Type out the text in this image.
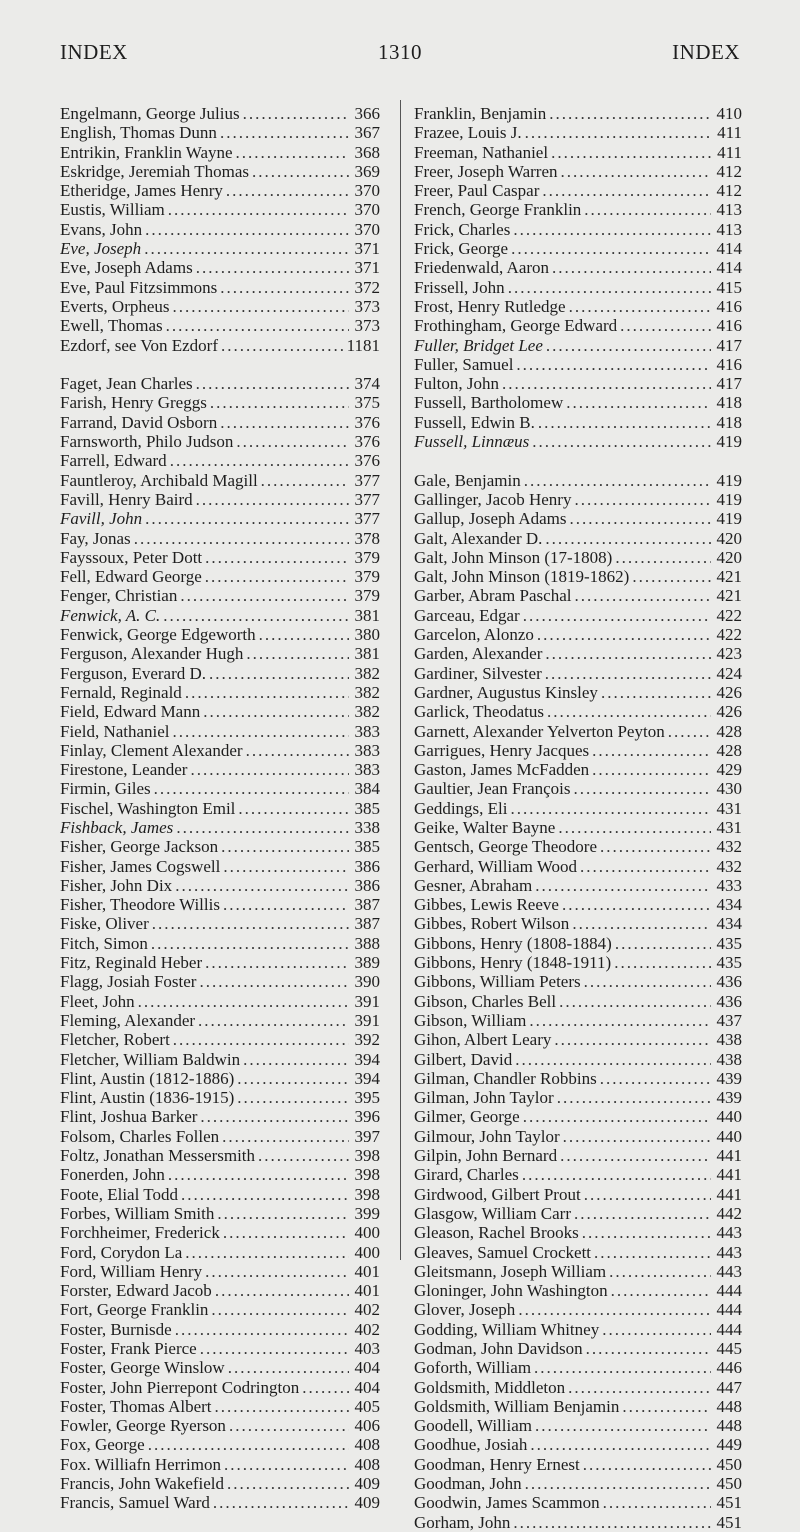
INDEX	1310	INDEX
Engelmann, George Julius .....	366
English, Thomas Dunn .....	367
Entrikin, Franklin Wayne .....	368
Eskridge, Jeremiah Thomas .....	369
Etheridge, James Henry .....	370
Eustis, William .....	370
Evans, John .....	370
Eve, Joseph .....	371
Eve, Joseph Adams .....	371
Eve, Paul Fitzsimmons .....	372
Everts, Orpheus .....	373
Ewell, Thomas .....	373
Ezdorf, see Von Ezdorf .....	1181
Faget, Jean Charles .....	374
Farish, Henry Greggs .....	375
Farrand, David Osborn .....	376
Farnsworth, Philo Judson .....	376
Farrell, Edward .....	376
Fauntleroy, Archibald Magill .....	377
Favill, Henry Baird .....	377
Favill, John .....	377
Fay, Jonas .....	378
Fayssoux, Peter Dott .....	379
Fell, Edward George .....	379
Fenger, Christian .....	379
Fenwick, A. C. .....	381
Fenwick, George Edgeworth .....	380
Ferguson, Alexander Hugh .....	381
Ferguson, Everard D. .....	382
Fernald, Reginald .....	382
Field, Edward Mann .....	382
Field, Nathaniel .....	383
Finlay, Clement Alexander .....	383
Firestone, Leander .....	383
Firmin, Giles .....	384
Fischel, Washington Emil .....	385
Fishback, James .....	338
Fisher, George Jackson .....	385
Fisher, James Cogswell .....	386
Fisher, John Dix .....	386
Fisher, Theodore Willis .....	387
Fiske, Oliver .....	387
Fitch, Simon .....	388
Fitz, Reginald Heber .....	389
Flagg, Josiah Foster .....	390
Fleet, John .....	391
Fleming, Alexander .....	391
Fletcher, Robert .....	392
Fletcher, William Baldwin .....	394
Flint, Austin (1812-1886) .....	394
Flint, Austin (1836-1915) .....	395
Flint, Joshua Barker .....	396
Folsom, Charles Follen .....	397
Foltz, Jonathan Messersmith .....	398
Fonerden, John .....	398
Foote, Elial Todd .....	398
Forbes, William Smith .....	399
Forchheimer, Frederick .....	400
Ford, Corydon La .....	400
Ford, William Henry .....	401
Forster, Edward Jacob .....	401
Fort, George Franklin .....	402
Foster, Burnisde .....	402
Foster, Frank Pierce .....	403
Foster, George Winslow .....	404
Foster, John Pierrepont Codrington .....	404
Foster, Thomas Albert .....	405
Fowler, George Ryerson .....	406
Fox, George .....	408
Fox. Williafn Herrimon .....	408
Francis, John Wakefield .....	409
Francis, Samuel Ward .....	409
Franklin, Benjamin .....	410
Frazee, Louis J. .....	411
Freeman, Nathaniel .....	411
Freer, Joseph Warren .....	412
Freer, Paul Caspar .....	412
French, George Franklin .....	413
Frick, Charles .....	413
Frick, George .....	414
Friedenwald, Aaron .....	414
Frissell, John .....	415
Frost, Henry Rutledge .....	416
Frothingham, George Edward .....	416
Fuller, Bridget Lee .....	417
Fuller, Samuel .....	416
Fulton, John .....	417
Fussell, Bartholomew .....	418
Fussell, Edwin B. .....	418
Fussell, Linnæus .....	419
Gale, Benjamin .....	419
Gallinger, Jacob Henry .....	419
Gallup, Joseph Adams .....	419
Galt, Alexander D. .....	420
Galt, John Minson (17-1808) .....	420
Galt, John Minson (1819-1862) .....	421
Garber, Abram Paschal .....	421
Garceau, Edgar .....	422
Garcelon, Alonzo .....	422
Garden, Alexander .....	423
Gardiner, Silvester .....	424
Gardner, Augustus Kinsley .....	426
Garlick, Theodatus .....	426
Garnett, Alexander Yelverton Peyton .....	428
Garrigues, Henry Jacques .....	428
Gaston, James McFadden .....	429
Gaultier, Jean François .....	430
Geddings, Eli .....	431
Geike, Walter Bayne .....	431
Gentsch, George Theodore .....	432
Gerhard, William Wood .....	432
Gesner, Abraham .....	433
Gibbes, Lewis Reeve .....	434
Gibbes, Robert Wilson .....	434
Gibbons, Henry (1808-1884) .....	435
Gibbons, Henry (1848-1911) .....	435
Gibbons, William Peters .....	436
Gibson, Charles Bell .....	436
Gibson, William .....	437
Gihon, Albert Leary .....	438
Gilbert, David .....	438
Gilman, Chandler Robbins .....	439
Gilman, John Taylor .....	439
Gilmer, George .....	440
Gilmour, John Taylor .....	440
Gilpin, John Bernard .....	441
Girard, Charles .....	441
Girdwood, Gilbert Prout .....	441
Glasgow, William Carr .....	442
Gleason, Rachel Brooks .....	443
Gleaves, Samuel Crockett .....	443
Gleitsmann, Joseph William .....	443
Gloninger, John Washington .....	444
Glover, Joseph .....	444
Godding, William Whitney .....	444
Godman, John Davidson .....	445
Goforth, William .....	446
Goldsmith, Middleton .....	447
Goldsmith, William Benjamin .....	448
Goodell, William .....	448
Goodhue, Josiah .....	449
Goodman, Henry Ernest .....	450
Goodman, John .....	450
Goodwin, James Scammon .....	451
Gorham, John .....	451
